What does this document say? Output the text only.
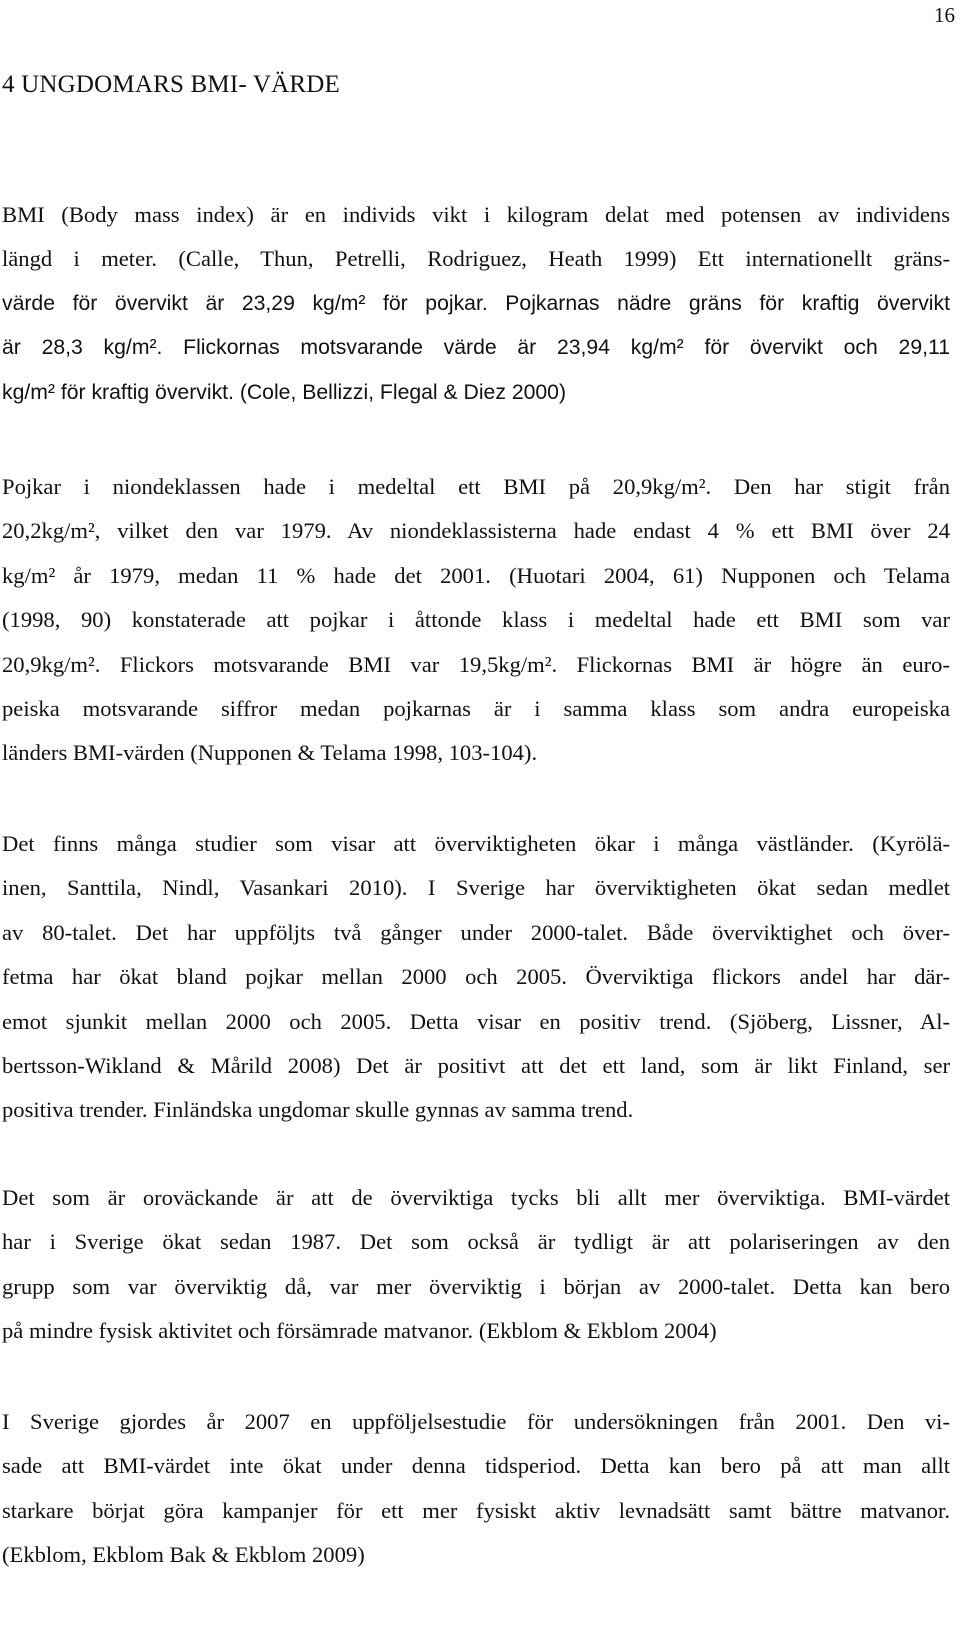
16
4 UNGDOMARS BMI- VÄRDE
BMI (Body mass index) är en individs vikt i kilogram delat med potensen av individens
längd i meter. (Calle, Thun, Petrelli, Rodriguez, Heath 1999) Ett internationellt gräns-
värde för övervikt är 23,29 kg/m² för pojkar. Pojkarnas nädre gräns för kraftig övervikt
är 28,3 kg/m². Flickornas motsvarande värde är 23,94 kg/m² för övervikt och 29,11
kg/m² för kraftig övervikt. (Cole, Bellizzi, Flegal & Diez 2000)
Pojkar i niondeklassen hade i medeltal ett BMI på 20,9kg/m². Den har stigit från
20,2kg/m², vilket den var 1979. Av niondeklassisterna hade endast 4 % ett BMI över 24
kg/m² år 1979, medan 11 % hade det 2001. (Huotari 2004, 61) Nupponen och Telama
(1998, 90) konstaterade att pojkar i åttonde klass i medeltal hade ett BMI som var
20,9kg/m². Flickors motsvarande BMI var 19,5kg/m². Flickornas BMI är högre än euro-
peiska motsvarande siffror medan pojkarnas är i samma klass som andra europeiska
länders BMI-värden (Nupponen & Telama 1998, 103-104).
Det finns många studier som visar att överviktigheten ökar i många västländer. (Kyrölä-
inen, Santtila, Nindl, Vasankari 2010). I Sverige har överviktigheten ökat sedan medlet
av 80-talet. Det har uppföljts två gånger under 2000-talet. Både överviktighet och över-
fetma har ökat bland pojkar mellan 2000 och 2005. Överviktiga flickors andel har där-
emot sjunkit mellan 2000 och 2005. Detta visar en positiv trend. (Sjöberg, Lissner, Al-
bertsson-Wikland & Mårild 2008) Det är positivt att det ett land, som är likt Finland, ser
positiva trender. Finländska ungdomar skulle gynnas av samma trend.
Det som är oroväckande är att de överviktiga tycks bli allt mer överviktiga. BMI-värdet
har i Sverige ökat sedan 1987. Det som också är tydligt är att polariseringen av den
grupp som var överviktig då, var mer överviktig i början av 2000-talet. Detta kan bero
på mindre fysisk aktivitet och försämrade matvanor. (Ekblom & Ekblom 2004)
I Sverige gjordes år 2007 en uppföljelsestudie för undersökningen från 2001. Den vi-
sade att BMI-värdet inte ökat under denna tidsperiod. Detta kan bero på att man allt
starkare börjat göra kampanjer för ett mer fysiskt aktiv levnadsätt samt bättre matvanor.
(Ekblom, Ekblom Bak & Ekblom 2009)
